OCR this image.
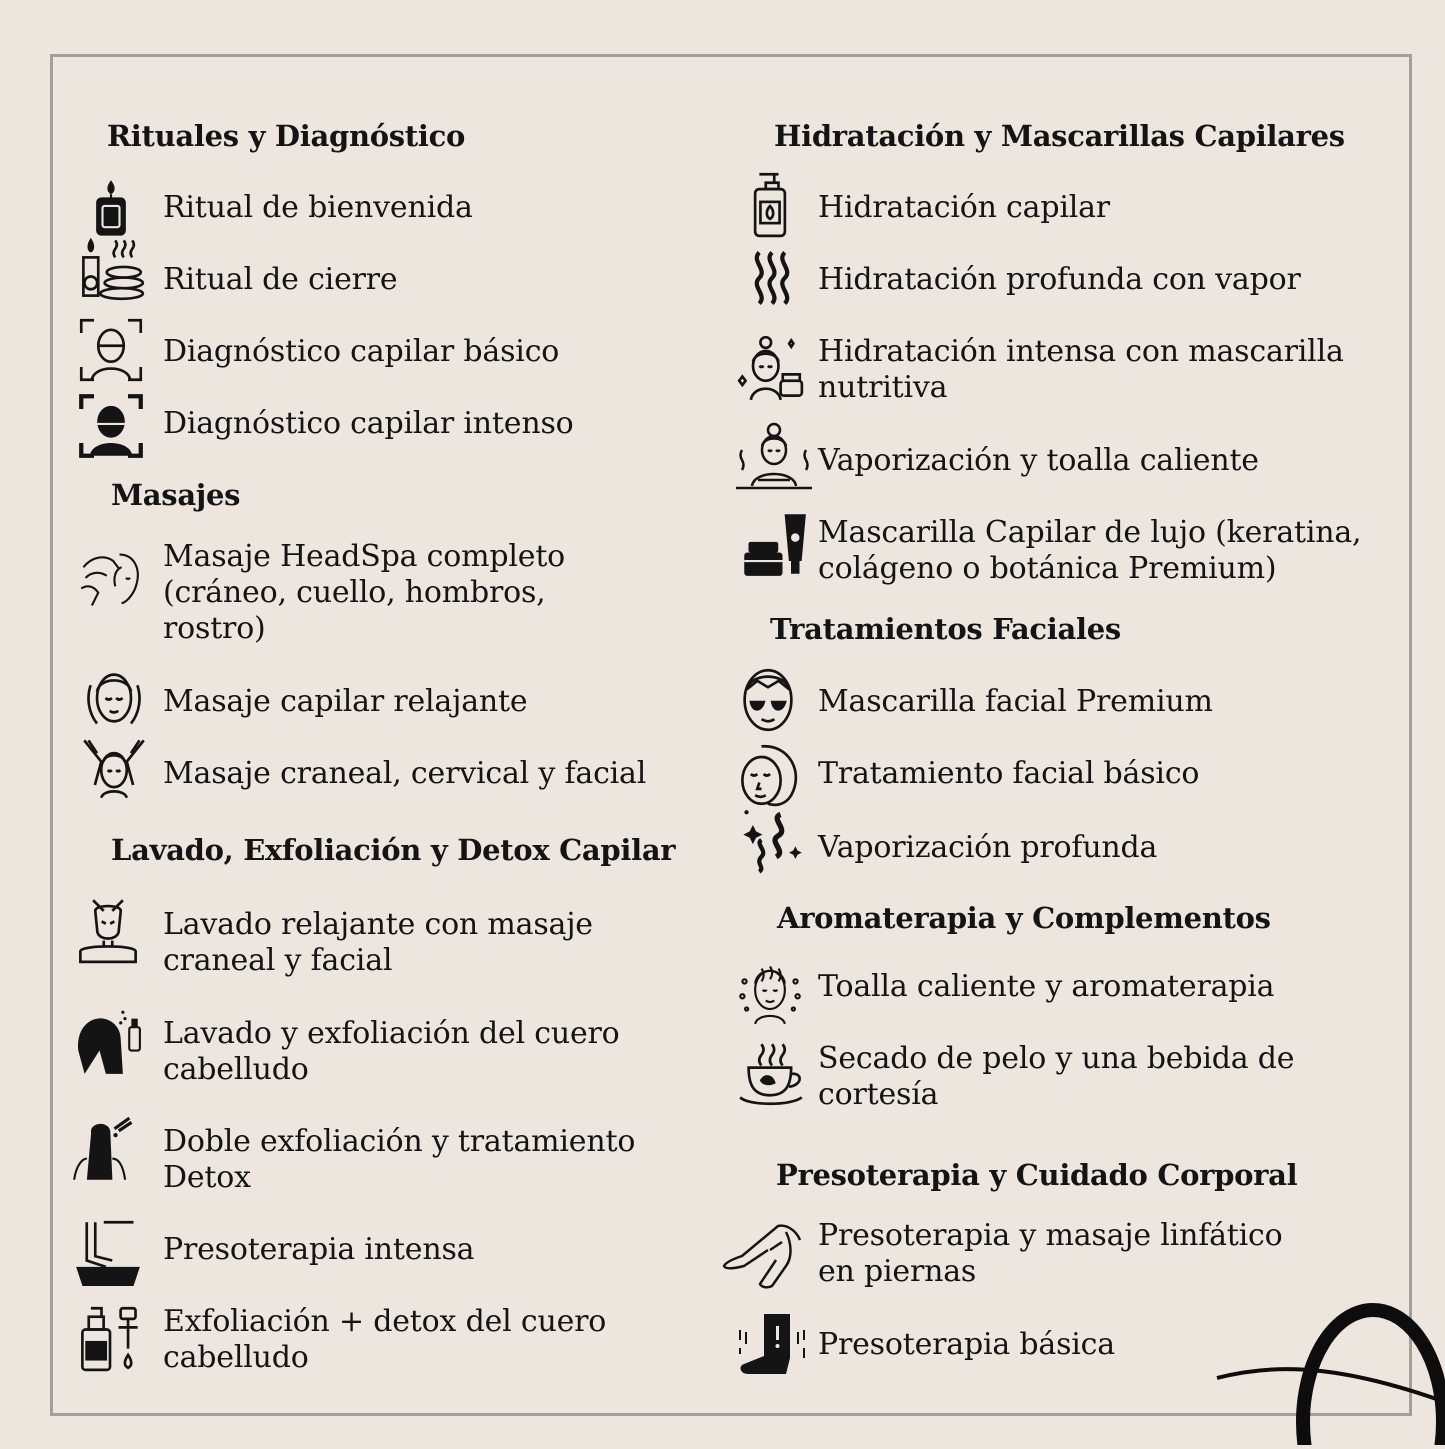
Rituales y Diagnóstico
Ritual de bienvenida
Ritual de cierre
Diagnóstico capilar básico
Diagnóstico capilar intenso
Masajes
Masaje HeadSpa completo
(cráneo, cuello, hombros,
rostro)
Masaje capilar relajante
Masaje craneal, cervical y facial
Lavado, Exfoliación y Detox Capilar
Lavado relajante con masaje
craneal y facial
Lavado y exfoliación del cuero
cabelludo
Doble exfoliación y tratamiento
Detox
Presoterapia intensa
Exfoliación + detox del cuero
cabelludo
Hidratación y Mascarillas Capilares
Hidratación capilar
Hidratación profunda con vapor
Hidratación intensa con mascarilla
nutritiva
Vaporización y toalla caliente
Mascarilla Capilar de lujo (keratina,
colágeno o botánica Premium)
Tratamientos Faciales
Mascarilla facial Premium
Tratamiento facial básico
Vaporización profunda
Aromaterapia y Complementos
Toalla caliente y aromaterapia
Secado de pelo y una bebida de
cortesía
Presoterapia y Cuidado Corporal
Presoterapia y masaje linfático
en piernas
Presoterapia básica
